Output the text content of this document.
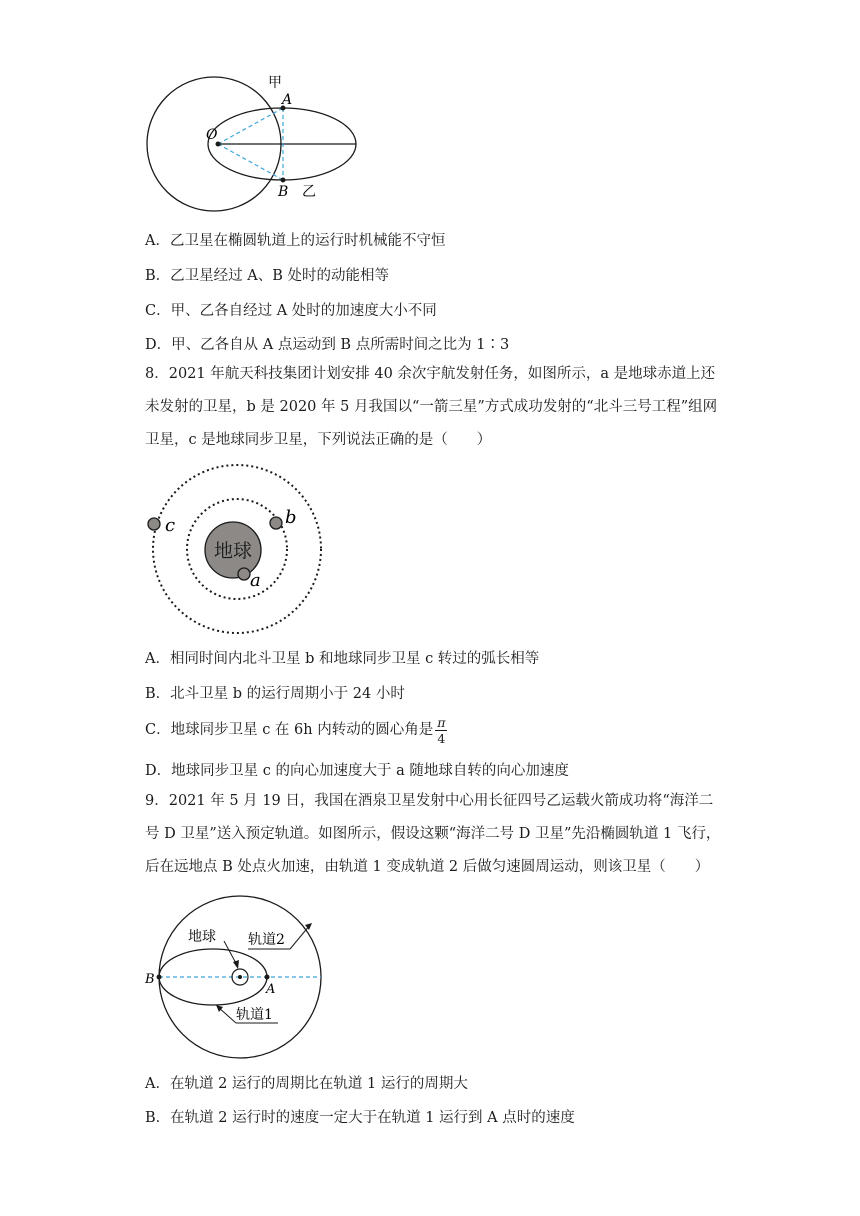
甲
A
O
B 乙
A．乙卫星在椭圆轨道上的运行时机械能不守恒
B．乙卫星经过 A、B 处时的动能相等
C．甲、乙各自经过 A 处时的加速度大小不同
D．甲、乙各自从 A 点运动到 B 点所需时间之比为 1∶3
8．2021 年航天科技集团计划安排 40 余次宇航发射任务，如图所示，a 是地球赤道上还未发射的卫星，b 是 2020 年 5 月我国以“一箭三星”方式成功发射的“北斗三号工程”组网卫星，c 是地球同步卫星，下列说法正确的是（　　）
地球
a
b
c
A．相同时间内北斗卫星 b 和地球同步卫星 c 转过的弧长相等
B．北斗卫星 b 的运行周期小于 24 小时
C．地球同步卫星 c 在 6h 内转动的圆心角是 $\frac{\pi}{4}$
D．地球同步卫星 c 的向心加速度大于 a 随地球自转的向心加速度
9．2021 年 5 月 19 日，我国在酒泉卫星发射中心用长征四号乙运载火箭成功将“海洋二号 D 卫星”送入预定轨道。如图所示，假设这颗“海洋二号 D 卫星”先沿椭圆轨道 1 飞行，后在远地点 B 处点火加速，由轨道 1 变成轨道 2 后做匀速圆周运动，则该卫星（　　）
B
A
地球 轨道2
轨道1
A．在轨道 2 运行的周期比在轨道 1 运行的周期大
B．在轨道 2 运行时的速度一定大于在轨道 1 运行到 A 点时的速度
